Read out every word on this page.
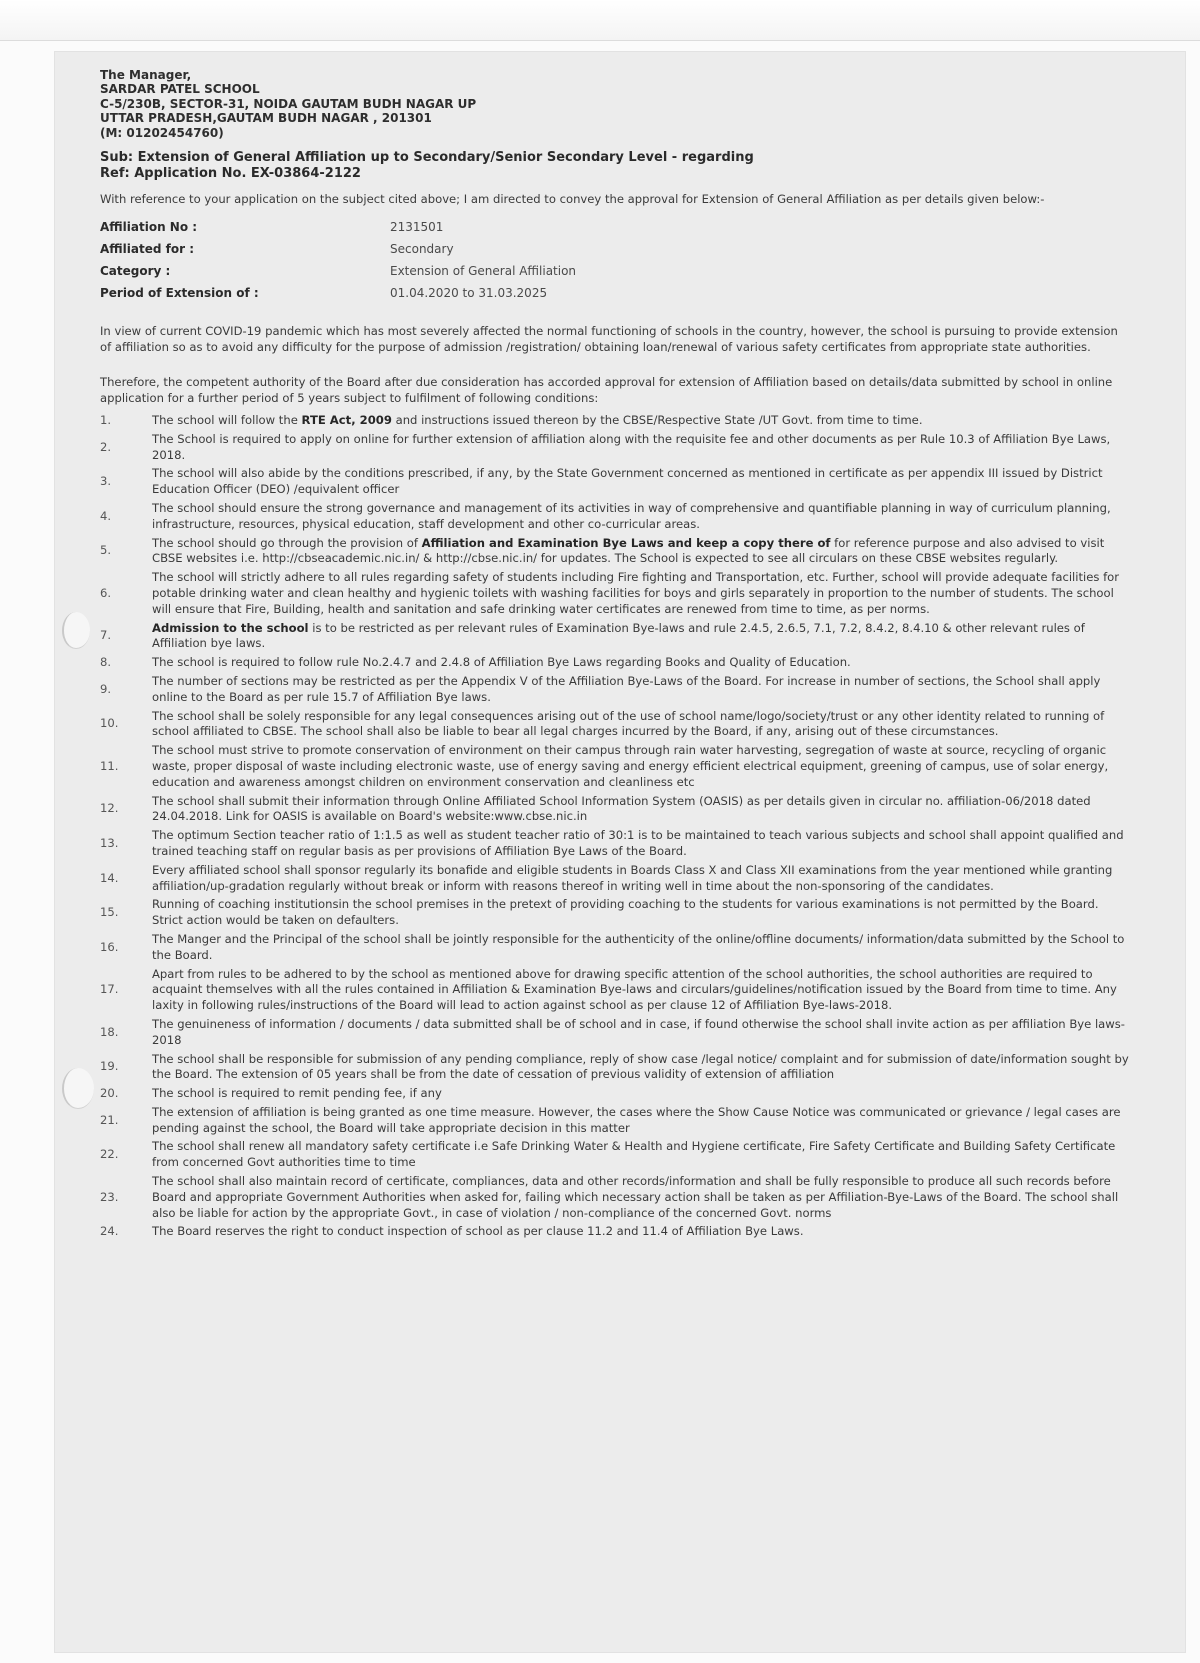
The Manager,
SARDAR PATEL SCHOOL
C-5/230B, SECTOR-31, NOIDA GAUTAM BUDH NAGAR UP
UTTAR PRADESH,GAUTAM BUDH NAGAR , 201301
(M: 01202454760)
Sub: Extension of General Affiliation up to Secondary/Senior Secondary Level - regarding
Ref: Application No. EX-03864-2122
With reference to your application on the subject cited above; I am directed to convey the approval for Extension of General Affiliation as per details given below:-
Affiliation No :	2131501
Affiliated for :	Secondary
Category :	Extension of General Affiliation
Period of Extension of :	01.04.2020 to 31.03.2025
In view of current COVID-19 pandemic which has most severely affected the normal functioning of schools in the country, however, the school is pursuing to provide extension of affiliation so as to avoid any difficulty for the purpose of admission /registration/ obtaining loan/renewal of various safety certificates from appropriate state authorities.
Therefore, the competent authority of the Board after due consideration has accorded approval for extension of Affiliation based on details/data submitted by school in online application for a further period of 5 years subject to fulfilment of following conditions:
1.	The school will follow the RTE Act, 2009 and instructions issued thereon by the CBSE/Respective State /UT Govt. from time to time.
2.
The School is required to apply on online for further extension of affiliation along with the requisite fee and other documents as per Rule 10.3 of Affiliation Bye Laws, 2018.
3.
The school will also abide by the conditions prescribed, if any, by the State Government concerned as mentioned in certificate as per appendix III issued by District Education Officer (DEO) /equivalent officer
4.
The school should ensure the strong governance and management of its activities in way of comprehensive and quantifiable planning in way of curriculum planning, infrastructure, resources, physical education, staff development and other co-curricular areas.
5.
The school should go through the provision of Affiliation and Examination Bye Laws and keep a copy there of for reference purpose and also advised to visit CBSE websites i.e. http://cbseacademic.nic.in/ & http://cbse.nic.in/ for updates. The School is expected to see all circulars on these CBSE websites regularly.
6.
The school will strictly adhere to all rules regarding safety of students including Fire fighting and Transportation, etc. Further, school will provide adequate facilities for potable drinking water and clean healthy and hygienic toilets with washing facilities for boys and girls separately in proportion to the number of students. The school will ensure that Fire, Building, health and sanitation and safe drinking water certificates are renewed from time to time, as per norms.
7.
Admission to the school is to be restricted as per relevant rules of Examination Bye-laws and rule 2.4.5, 2.6.5, 7.1, 7.2, 8.4.2, 8.4.10 & other relevant rules of Affiliation bye laws.
8.	The school is required to follow rule No.2.4.7 and 2.4.8 of Affiliation Bye Laws regarding Books and Quality of Education.
9.
The number of sections may be restricted as per the Appendix V of the Affiliation Bye-Laws of the Board. For increase in number of sections, the School shall apply online to the Board as per rule 15.7 of Affiliation Bye laws.
10.
The school shall be solely responsible for any legal consequences arising out of the use of school name/logo/society/trust or any other identity related to running of school affiliated to CBSE. The school shall also be liable to bear all legal charges incurred by the Board, if any, arising out of these circumstances.
11.
The school must strive to promote conservation of environment on their campus through rain water harvesting, segregation of waste at source, recycling of organic waste, proper disposal of waste including electronic waste, use of energy saving and energy efficient electrical equipment, greening of campus, use of solar energy, education and awareness amongst children on environment conservation and cleanliness etc
12.
The school shall submit their information through Online Affiliated School Information System (OASIS) as per details given in circular no. affiliation-06/2018 dated 24.04.2018. Link for OASIS is available on Board's website:www.cbse.nic.in
13.
The optimum Section teacher ratio of 1:1.5 as well as student teacher ratio of 30:1 is to be maintained to teach various subjects and school shall appoint qualified and trained teaching staff on regular basis as per provisions of Affiliation Bye Laws of the Board.
14.
Every affiliated school shall sponsor regularly its bonafide and eligible students in Boards Class X and Class XII examinations from the year mentioned while granting affiliation/up-gradation regularly without break or inform with reasons thereof in writing well in time about the non-sponsoring of the candidates.
15.
Running of coaching institutionsin the school premises in the pretext of providing coaching to the students for various examinations is not permitted by the Board. Strict action would be taken on defaulters.
16.
The Manger and the Principal of the school shall be jointly responsible for the authenticity of the online/offline documents/ information/data submitted by the School to the Board.
17.
Apart from rules to be adhered to by the school as mentioned above for drawing specific attention of the school authorities, the school authorities are required to acquaint themselves with all the rules contained in Affiliation & Examination Bye-laws and circulars/guidelines/notification issued by the Board from time to time. Any laxity in following rules/instructions of the Board will lead to action against school as per clause 12 of Affiliation Bye-laws-2018.
18.
The genuineness of information / documents / data submitted shall be of school and in case, if found otherwise the school shall invite action as per affiliation Bye laws-2018
19.
The school shall be responsible for submission of any pending compliance, reply of show case /legal notice/ complaint and for submission of date/information sought by the Board. The extension of 05 years shall be from the date of cessation of previous validity of extension of affiliation
20.	The school is required to remit pending fee, if any
21.
The extension of affiliation is being granted as one time measure. However, the cases where the Show Cause Notice was communicated or grievance / legal cases are pending against the school, the Board will take appropriate decision in this matter
22.
The school shall renew all mandatory safety certificate i.e Safe Drinking Water & Health and Hygiene certificate, Fire Safety Certificate and Building Safety Certificate from concerned Govt authorities time to time
23.
The school shall also maintain record of certificate, compliances, data and other records/information and shall be fully responsible to produce all such records before Board and appropriate Government Authorities when asked for, failing which necessary action shall be taken as per Affiliation-Bye-Laws of the Board. The school shall also be liable for action by the appropriate Govt., in case of violation / non-compliance of the concerned Govt. norms
24.	The Board reserves the right to conduct inspection of school as per clause 11.2 and 11.4 of Affiliation Bye Laws.
